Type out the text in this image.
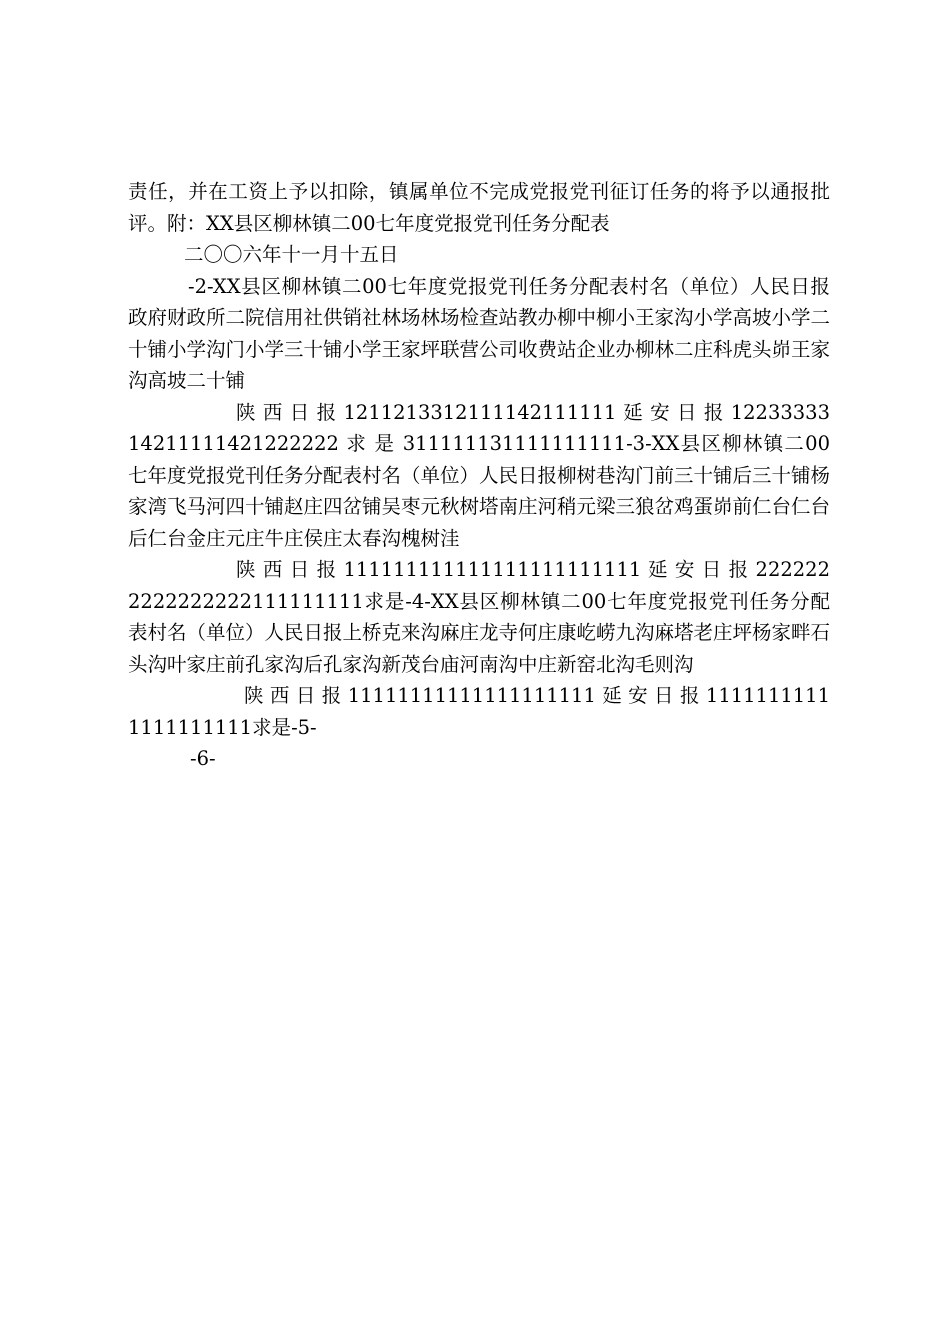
责任，并在工资上予以扣除，镇属单位不完成党报党刊征订任务的将予以通报批评。附：XX县区柳林镇二00七年度党报党刊任务分配表

二〇〇六年十一月十五日

-2-XX县区柳林镇二00七年度党报党刊任务分配表村名（单位）人民日报政府财政所二院信用社供销社林场林场检查站教办柳中柳小王家沟小学高坡小学二十铺小学沟门小学三十铺小学王家坪联营公司收费站企业办柳林二庄科虎头峁王家沟高坡二十铺

陕 西 日 报 1211213312111142111111 延 安 日 报 1223333314211111421222222 求 是 311111131111111111-3-XX县区柳林镇二00七年度党报党刊任务分配表村名（单位）人民日报柳树巷沟门前三十铺后三十铺杨家湾飞马河四十铺赵庄四岔铺吴枣元秋树塔南庄河稍元梁三狼岔鸡蛋峁前仁台仁台后仁台金庄元庄牛庄侯庄太春沟槐树洼

陕 西 日 报 111111111111111111111111 延 安 日 报 2222222222222222111111111求是-4-XX县区柳林镇二00七年度党报党刊任务分配表村名（单位）人民日报上桥克来沟麻庄龙寺何庄康屹崂九沟麻塔老庄坪杨家畔石头沟叶家庄前孔家沟后孔家沟新茂台庙河南沟中庄新窑北沟毛则沟

陕 西 日 报 11111111111111111111 延 安 日 报 11111111111111111111求是-5-

-6-
